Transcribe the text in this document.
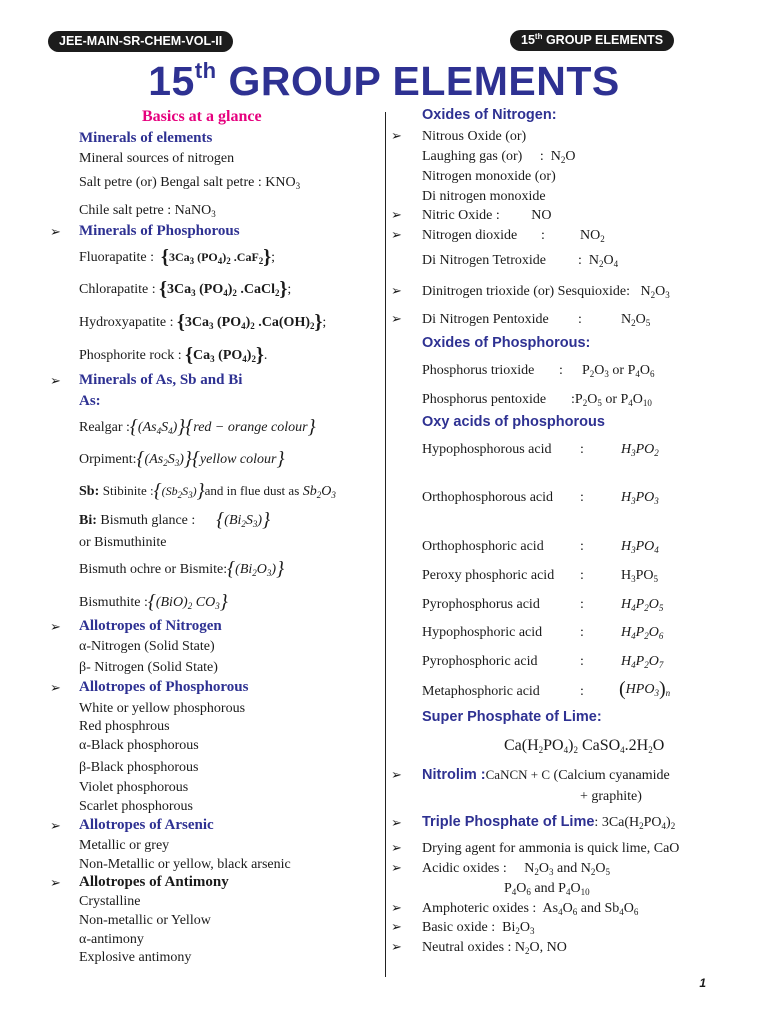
JEE-MAIN-SR-CHEM-VOL-II	15th GROUP ELEMENTS
15th GROUP ELEMENTS
Basics at a glance
Minerals of elements
Mineral sources of nitrogen
Salt petre (or) Bengal salt petre : $KNO_3$
Chile salt petre : NaNO$_3$
➢ Minerals of Phosphorous
Fluorapatite : {$3Ca_3$ $(PO_4)_2$ .CaF$_2$};
Chlorapatite : {$3Ca_3$ $(PO_4)_2$ .CaCl$_2$};
Hydroxyapatite : {$3Ca_3$ $(PO_4)_2$ $.Ca(OH)_2$};
Phosphorite rock : {$Ca_3$ $(PO_4)_2$}.
➢ Minerals of As, Sb and Bi
As:
Realgar $:\{(As_4S_4)\}\{red$ − orange colour}
$Orpiment:\{(As_2S_3)\}\{yellow$ colour}
Sb: Stibinite $:\{(Sb_2S_3)\}and$ in flue dust as $Sb_2O_3$
Bi: Bismuth glance : $\{(Bi_2S_3)\}$
or Bismuthinite
Bismuth ochre or $Bismite:\{(Bi_2O_3)\}$
Bismuthite $:\{(BiO)_2$ $CO_3$}
➢ Allotropes of Nitrogen
α-Nitrogen (Solid State)
β- Nitrogen (Solid State)
➢ Allotropes of Phosphorous
White or yellow phosphorous
Red phosphrous
α-Black phosphorous
β-Black phosphorous
Violet phosphorous
Scarlet phosphorous
➢ Allotropes of Arsenic
Metallic or grey
Non-Metallic or yellow, black arsenic
➢ Allotropes of Antimony
Crystalline
Non-metallic or Yellow
α-antimony
Explosive antimony
Oxides of Nitrogen:
➢ Nitrous Oxide (or)
Laughing gas (or)     :  $N_2O$
Nitrogen monoxide (or)
Di nitrogen monoxide
➢ Nitric Oxide : NO
➢ Nitrogen dioxide :	$NO_2$
Di Nitrogen Tetroxide :  $N_2O_4$
➢ Dinitrogen trioxide (or) Sesquioxide: $N_2O_3$
➢ Di Nitrogen Pentoxide :	$N_2O_5$
Oxides of Phosphorous:
Phosphorus trioxide : $P_2O_3$ or $P_4O_6$
Phosphorus pentoxide $:P_2O_5$ or $P_4O_{10}$
Oxy acids of phosphorous
Hypophosphorous acid :	$H_3PO_2$
Orthophosphorous acid :	$H_3PO_3$
Orthophosphoric acid	:	$H_3PO_4$
Peroxy phosphoric acid :	$H_3PO_5$
Pyrophosphorus acid	:	$H_4P_2O_5$
Hypophosphoric acid	:	$H_4P_2O_6$
Pyrophosphoric acid	:	$H_4P_2O_7$
Metaphosphoric acid	: $(HPO_3)_n$
Super Phosphate of Lime:
$Ca(H_2PO_4)_2$ $CaSO_4.2H_2O$
➢ Nitrolim :CaNCN + C (Calcium cyanamide
+ graphite)
➢ Triple Phosphate of Lime: $3Ca(H_2PO_4)_2$
➢ Drying agent for ammonia is quick lime, CaO
➢ Acidic oxides : $N_2O_3$ and $N_2O_5$
$P_4O_6$ and $P_4O_{10}$
➢ Amphoteric oxides : $As_4O_6$ and $Sb_4O_6$
➢ Basic oxide : $Bi_2O_3$
➢ Neutral oxides : $N_2O$, NO
1
